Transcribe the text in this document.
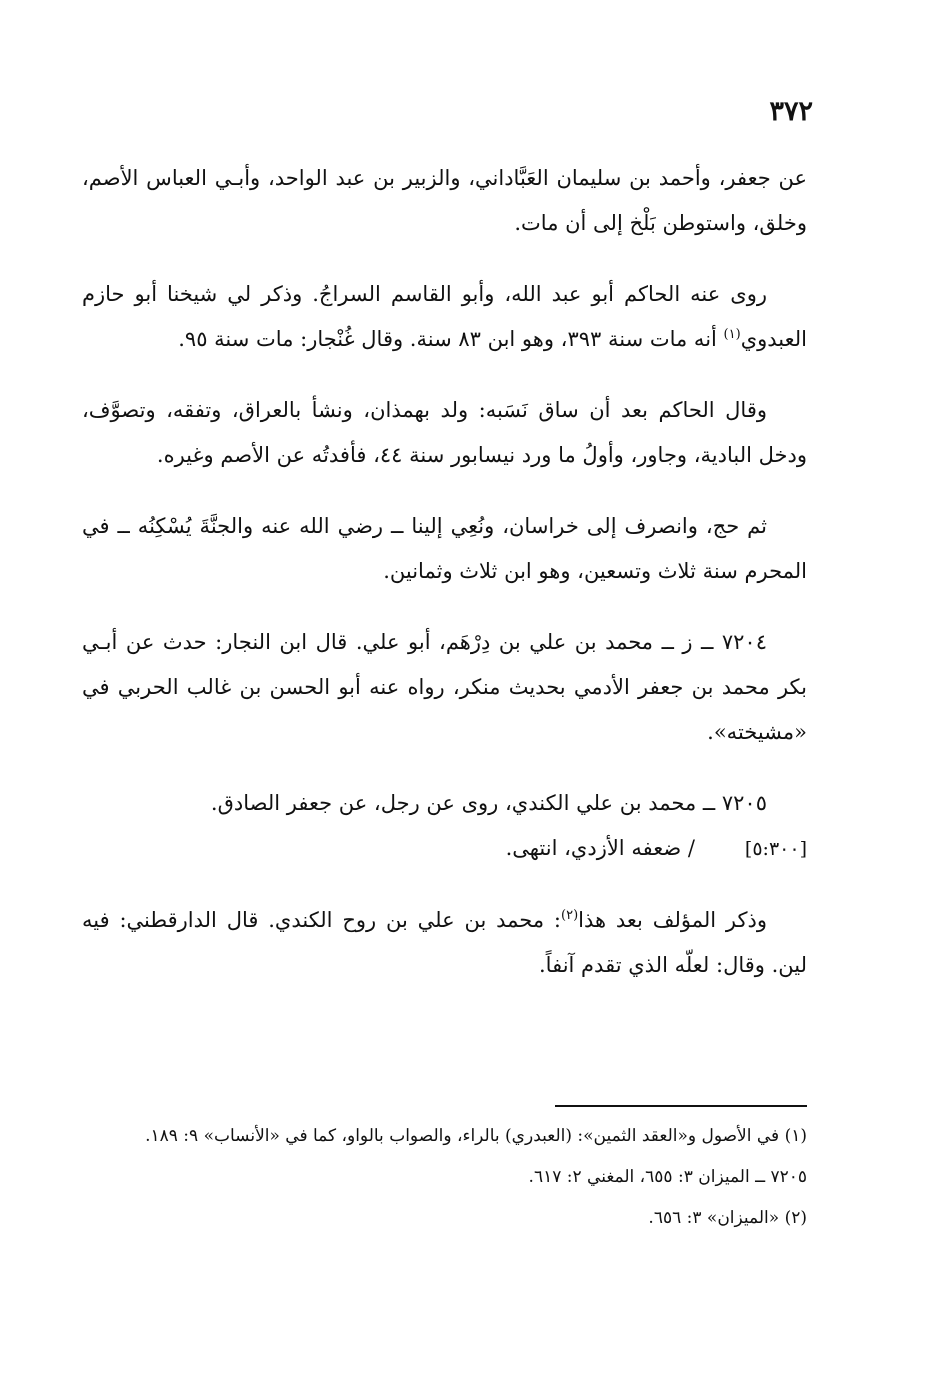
٣٧٢

عن جعفر، وأحمد بن سليمان العَبَّاداني، والزبير بن عبد الواحد، وأبـي العباس الأصم، وخلق، واستوطن بَلْخ إلى أن مات.

روى عنه الحاكم أبو عبد الله، وأبو القاسم السراجُ. وذكر لي شيخنا أبو حازم العبدوي$^{(١)}$ أنه مات سنة ٣٩٣، وهو ابن ٨٣ سنة. وقال غُنْجار: مات سنة ٩٥.

وقال الحاكم بعد أن ساق نَسَبه: ولد بهمذان، ونشأ بالعراق، وتفقه، وتصوَّف، ودخل البادية، وجاور، وأولُ ما ورد نيسابور سنة ٤٤، فأفدتُه عن الأصم وغيره.

ثم حج، وانصرف إلى خراسان، ونُعِي إلينا ــ رضي الله عنه والجنَّةَ يُسْكِنُه ــ في المحرم سنة ثلاث وتسعين، وهو ابن ثلاث وثمانين.

٧٢٠٤ ــ ز ــ محمد بن علي بن دِرْهَم، أبو علي. قال ابن النجار: حدث عن أبـي بكر محمد بن جعفر الأدمي بحديث منكر، رواه عنه أبو الحسن بن غالب الحربي في «مشيخته».

٧٢٠٥ ــ محمد بن علي الكندي، روى عن رجل، عن جعفر الصادق.
[٥:٣٠٠]/ ضعفه الأزدي، انتهى.

وذكر المؤلف بعد هذا$^{(٢)}$: محمد بن علي بن روح الكندي. قال الدارقطني: فيه لين. وقال: لعلّه الذي تقدم آنفاً.

(١) في الأصول و«العقد الثمين»: (العبدري) بالراء، والصواب بالواو، كما في «الأنساب» ٩: ١٨٩.

٧٢٠٥ ــ الميزان ٣: ٦٥٥، المغني ٢: ٦١٧.

(٢) «الميزان» ٣: ٦٥٦.
